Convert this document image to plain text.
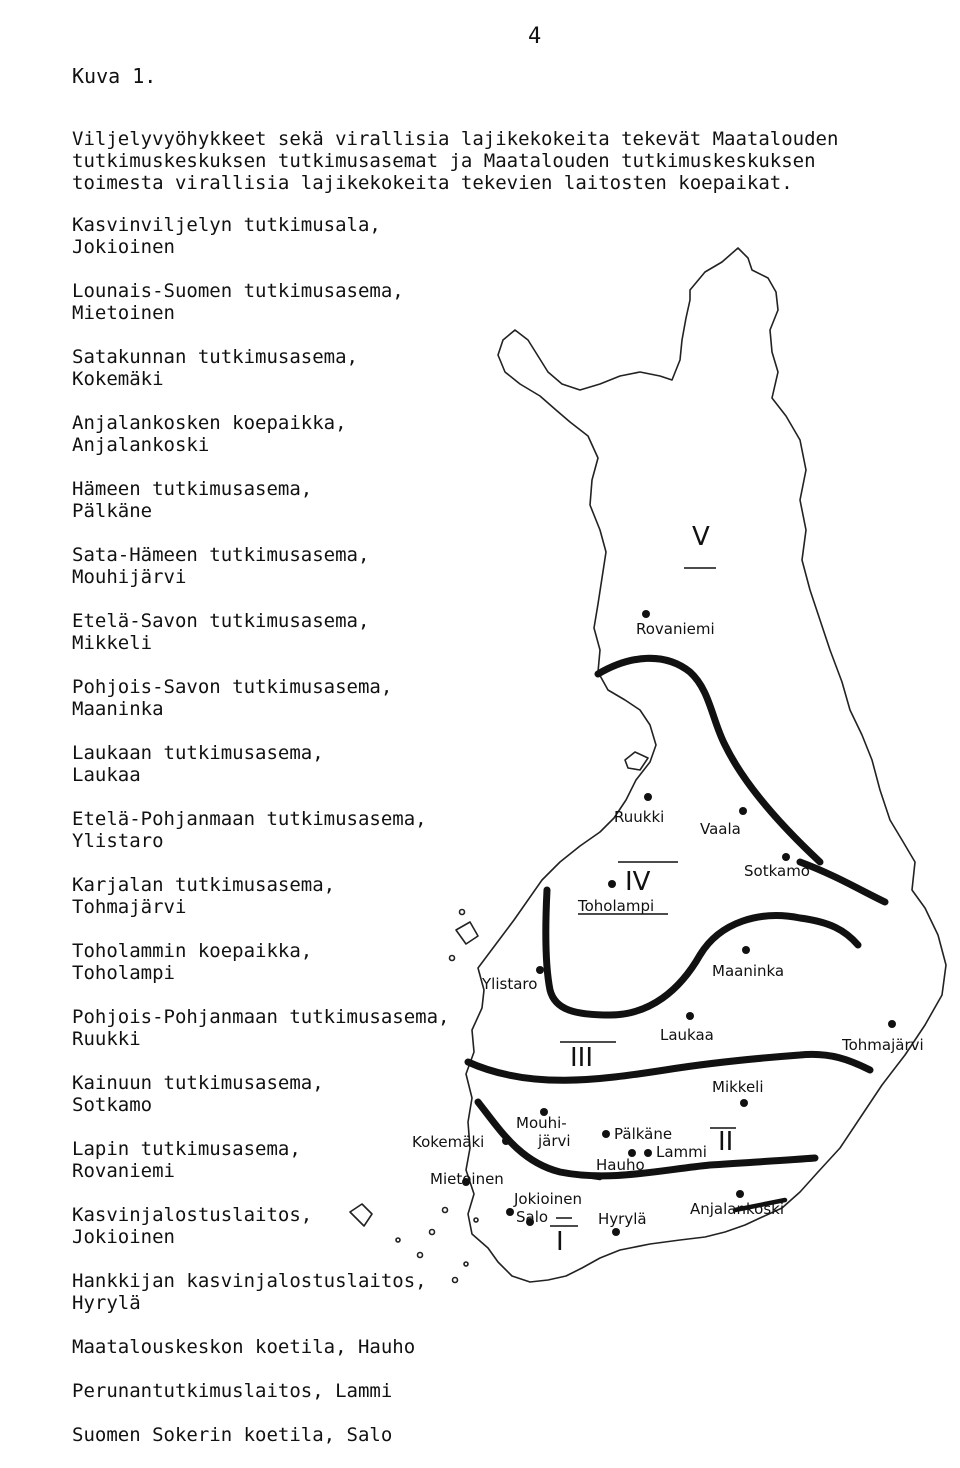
4
Kuva 1.
Viljelyvyöhykkeet sekä virallisia lajikekokeita tekevät Maatalouden
tutkimuskeskuksen tutkimusasemat ja Maatalouden tutkimuskeskuksen
toimesta virallisia lajikekokeita tekevien laitosten koepaikat.
V
IV
III
II
I
Rovaniemi
Ruukki
Vaala
Sotkamo
Toholampi
Maaninka
Ylistaro
Laukaa
Tohmajärvi
Mikkeli
Mouhi-
järvi	Pälkäne
Kokemäki
Lammi
Hauho
Mietoinen
Jokioinen
Salo	Hyrylä
Anjalankoski
Kasvinviljelyn tutkimusala,
Jokioinen
Lounais-Suomen tutkimusasema,
Mietoinen
Satakunnan tutkimusasema,
Kokemäki
Anjalankosken koepaikka,
Anjalankoski
Hämeen tutkimusasema,
Pälkäne
Sata-Hämeen tutkimusasema,
Mouhijärvi
Etelä-Savon tutkimusasema,
Mikkeli
Pohjois-Savon tutkimusasema,
Maaninka
Laukaan tutkimusasema,
Laukaa
Etelä-Pohjanmaan tutkimusasema,
Ylistaro
Karjalan tutkimusasema,
Tohmajärvi
Toholammin koepaikka,
Toholampi
Pohjois-Pohjanmaan tutkimusasema,
Ruukki
Kainuun tutkimusasema,
Sotkamo
Lapin tutkimusasema,
Rovaniemi
Kasvinjalostuslaitos,
Jokioinen
Hankkijan kasvinjalostuslaitos,
Hyrylä
Maatalouskeskon koetila, Hauho
Perunantutkimuslaitos, Lammi
Suomen Sokerin koetila, Salo
